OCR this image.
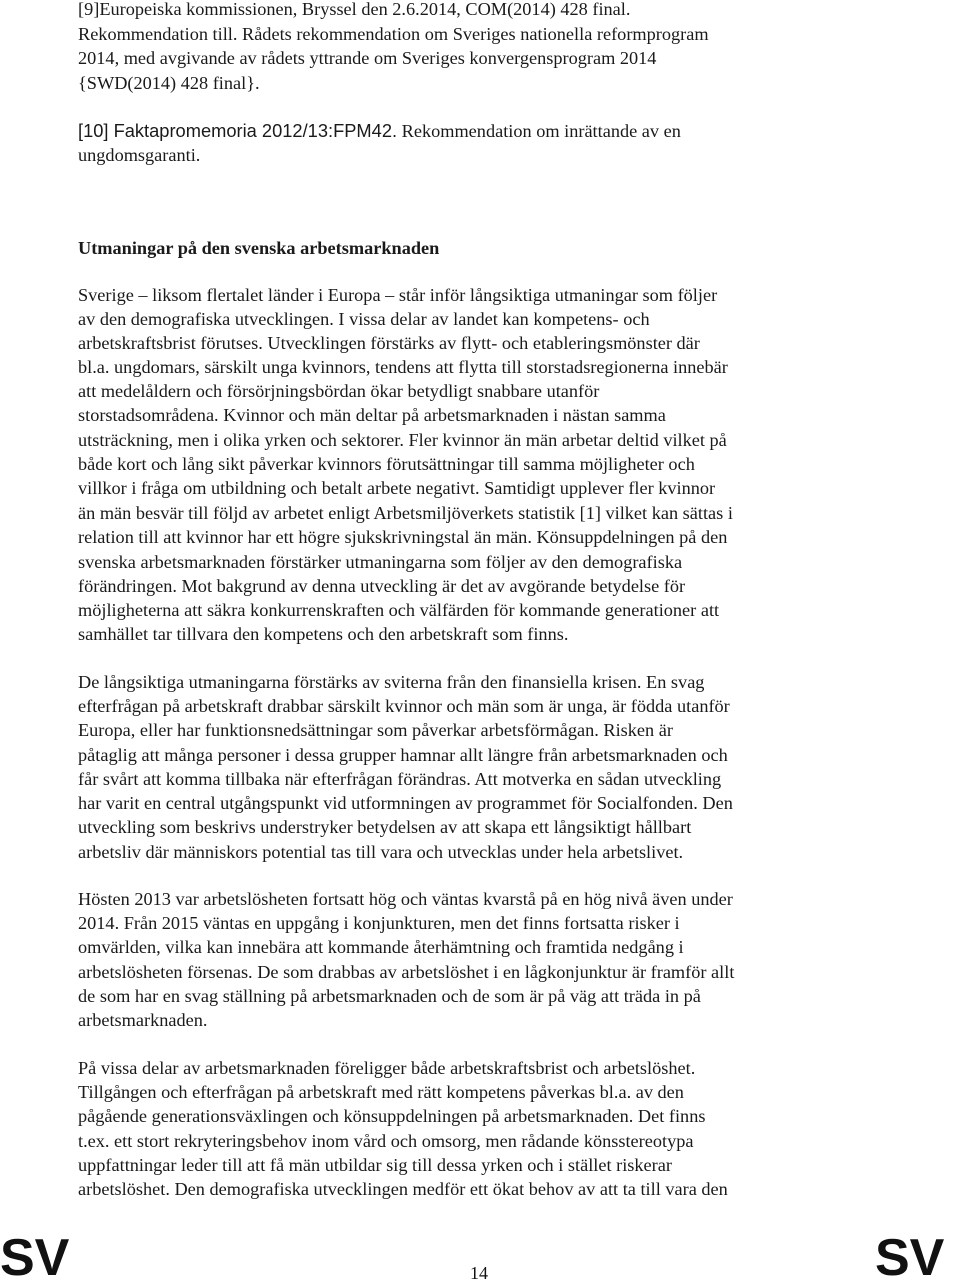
[9]Europeiska kommissionen, Bryssel den 2.6.2014, COM(2014) 428 final.
Rekommendation till. Rådets rekommendation om Sveriges nationella reformprogram
2014, med avgivande av rådets yttrande om Sveriges konvergensprogram 2014
{SWD(2014) 428 final}.
[10] Faktapromemoria 2012/13:FPM42. Rekommendation om inrättande av en
ungdomsgaranti.
Utmaningar på den svenska arbetsmarknaden
Sverige – liksom flertalet länder i Europa – står inför långsiktiga utmaningar som följer
av den demografiska utvecklingen. I vissa delar av landet kan kompetens- och
arbetskraftsbrist förutses. Utvecklingen förstärks av flytt- och etableringsmönster där
bl.a. ungdomars, särskilt unga kvinnors, tendens att flytta till storstadsregionerna innebär
att medelåldern och försörjningsbördan ökar betydligt snabbare utanför
storstadsområdena. Kvinnor och män deltar på arbetsmarknaden i nästan samma
utsträckning, men i olika yrken och sektorer. Fler kvinnor än män arbetar deltid vilket på
både kort och lång sikt påverkar kvinnors förutsättningar till samma möjligheter och
villkor i fråga om utbildning och betalt arbete negativt. Samtidigt upplever fler kvinnor
än män besvär till följd av arbetet enligt Arbetsmiljöverkets statistik [1] vilket kan sättas i
relation till att kvinnor har ett högre sjukskrivningstal än män. Könsuppdelningen på den
svenska arbetsmarknaden förstärker utmaningarna som följer av den demografiska
förändringen. Mot bakgrund av denna utveckling är det av avgörande betydelse för
möjligheterna att säkra konkurrenskraften och välfärden för kommande generationer att
samhället tar tillvara den kompetens och den arbetskraft som finns.
De långsiktiga utmaningarna förstärks av sviterna från den finansiella krisen. En svag
efterfrågan på arbetskraft drabbar särskilt kvinnor och män som är unga, är födda utanför
Europa, eller har funktionsnedsättningar som påverkar arbetsförmågan. Risken är
påtaglig att många personer i dessa grupper hamnar allt längre från arbetsmarknaden och
får svårt att komma tillbaka när efterfrågan förändras. Att motverka en sådan utveckling
har varit en central utgångspunkt vid utformningen av programmet för Socialfonden. Den
utveckling som beskrivs understryker betydelsen av att skapa ett långsiktigt hållbart
arbetsliv där människors potential tas till vara och utvecklas under hela arbetslivet.
Hösten 2013 var arbetslösheten fortsatt hög och väntas kvarstå på en hög nivå även under
2014. Från 2015 väntas en uppgång i konjunkturen, men det finns fortsatta risker i
omvärlden, vilka kan innebära att kommande återhämtning och framtida nedgång i
arbetslösheten försenas. De som drabbas av arbetslöshet i en lågkonjunktur är framför allt
de som har en svag ställning på arbetsmarknaden och de som är på väg att träda in på
arbetsmarknaden.
På vissa delar av arbetsmarknaden föreligger både arbetskraftsbrist och arbetslöshet.
Tillgången och efterfrågan på arbetskraft med rätt kompetens påverkas bl.a. av den
pågående generationsväxlingen och könsuppdelningen på arbetsmarknaden. Det finns
t.ex. ett stort rekryteringsbehov inom vård och omsorg, men rådande könsstereotypa
uppfattningar leder till att få män utbildar sig till dessa yrken och i stället riskerar
arbetslöshet. Den demografiska utvecklingen medför ett ökat behov av att ta till vara den
SV	14	SV
